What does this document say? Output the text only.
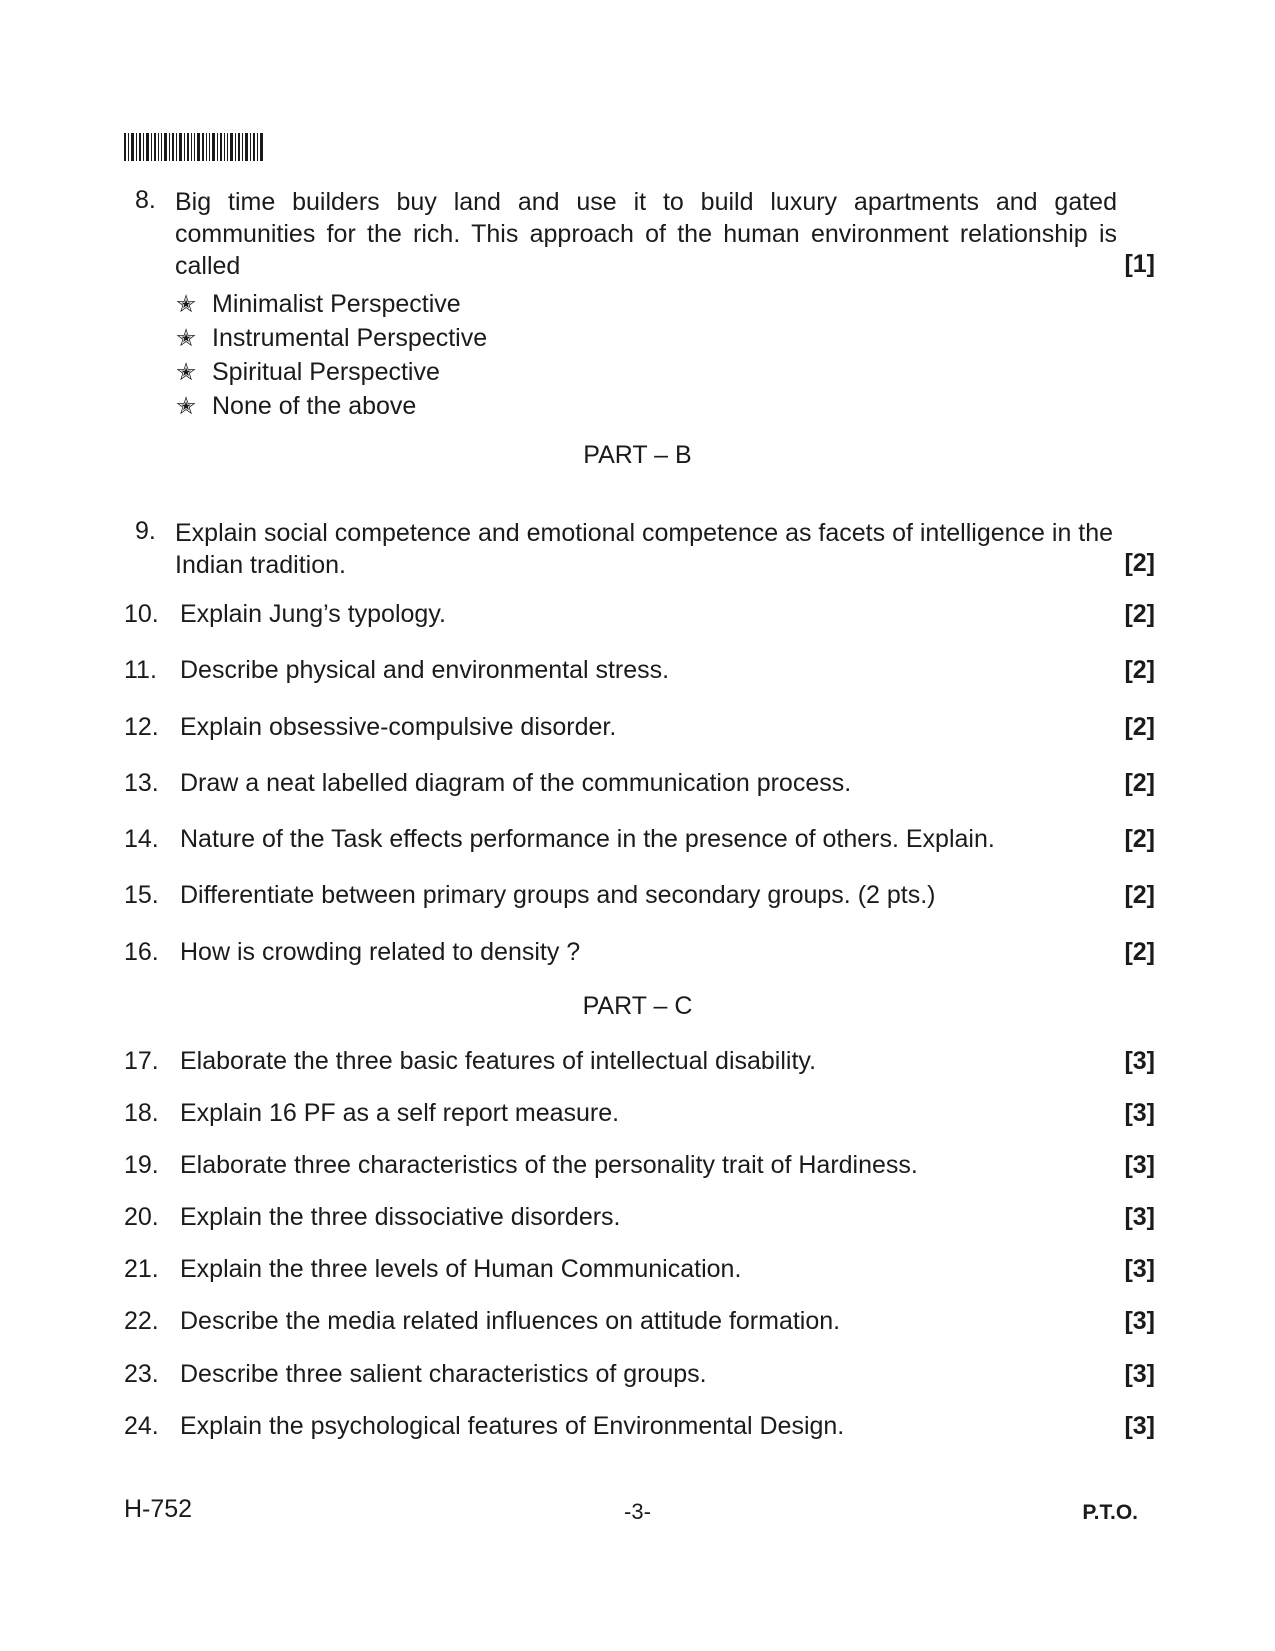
8. Big time builders buy land and use it to build luxury apartments and gated communities for the rich. This approach of the human environment relationship is called	[1]
✭ Minimalist Perspective
✭ Instrumental Perspective
✭ Spiritual Perspective
✭ None of the above
PART – B
9. Explain social competence and emotional competence as facets of intelligence in the Indian tradition.	[2]
10. Explain Jung’s typology.	[2]
11. Describe physical and environmental stress.	[2]
12. Explain obsessive-compulsive disorder.	[2]
13. Draw a neat labelled diagram of the communication process.	[2]
14. Nature of the Task effects performance in the presence of others. Explain.	[2]
15. Differentiate between primary groups and secondary groups. (2 pts.)	[2]
16. How is crowding related to density ?	[2]
PART – C
17. Elaborate the three basic features of intellectual disability.	[3]
18. Explain 16 PF as a self report measure.	[3]
19. Elaborate three characteristics of the personality trait of Hardiness.	[3]
20. Explain the three dissociative disorders.	[3]
21. Explain the three levels of Human Communication.	[3]
22. Describe the media related influences on attitude formation.	[3]
23. Describe three salient characteristics of groups.	[3]
24. Explain the psychological features of Environmental Design.	[3]
H-752	-3-	P.T.O.
